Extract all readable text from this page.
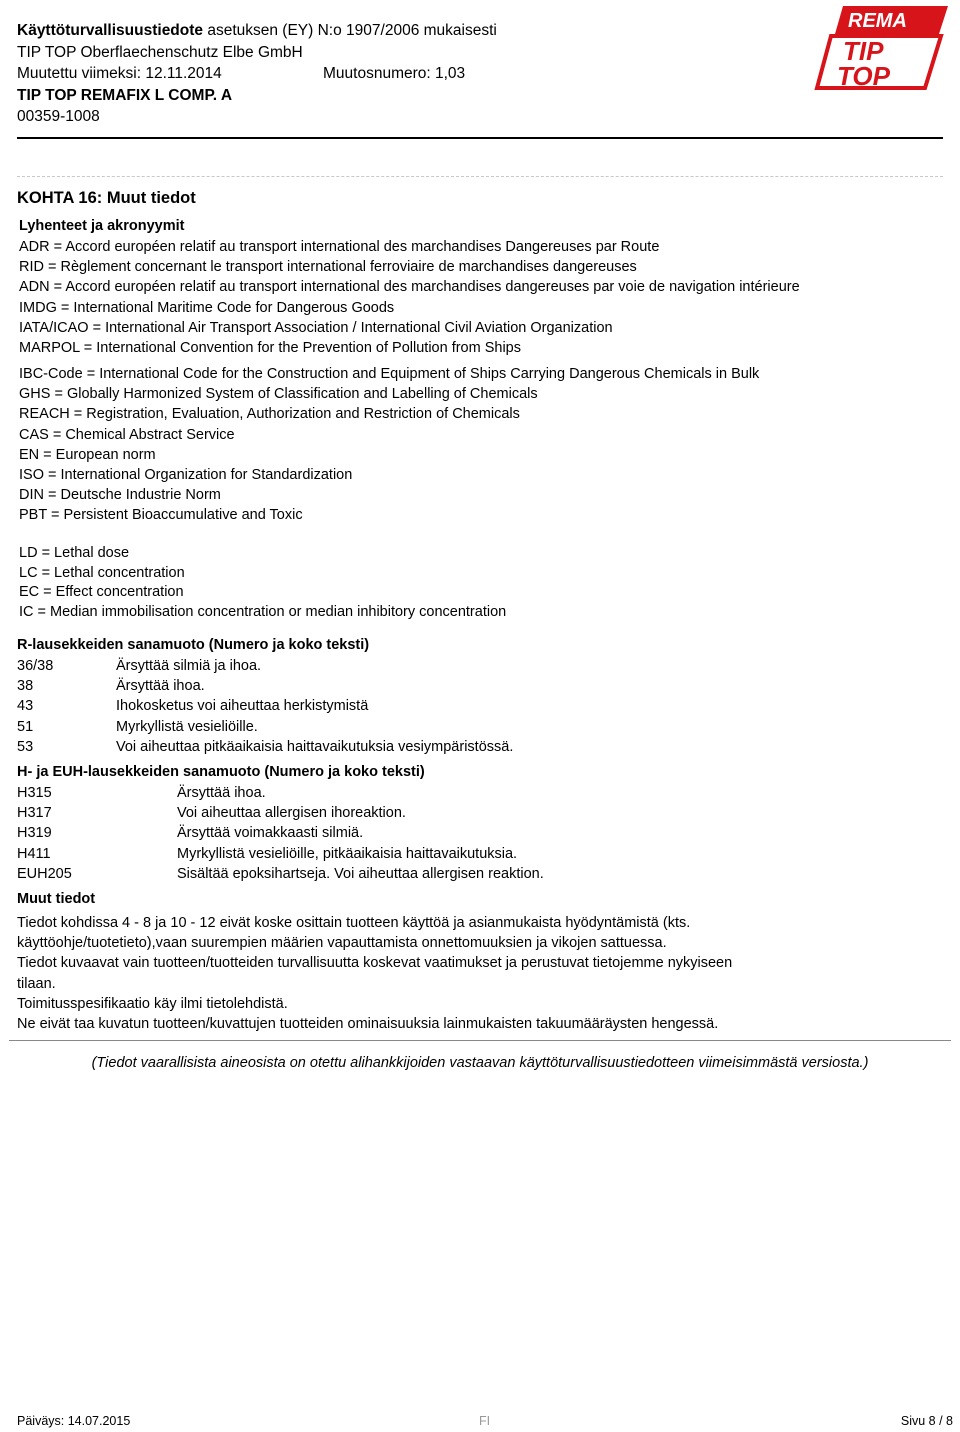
Käyttöturvallisuustiedote asetuksen (EY) N:o 1907/2006 mukaisesti
TIP TOP Oberflaechenschutz Elbe GmbH
Muutettu viimeksi: 12.11.2014	Muutosnumero: 1,03
TIP TOP REMAFIX L COMP. A
00359-1008
REMA
TIP
TOP
KOHTA 16: Muut tiedot
Lyhenteet ja akronyymit
ADR = Accord européen relatif au transport international des marchandises Dangereuses par Route
RID = Règlement concernant le transport international ferroviaire de marchandises dangereuses
ADN = Accord européen relatif au transport international des marchandises dangereuses par voie de navigation intérieure
IMDG = International Maritime Code for Dangerous Goods
IATA/ICAO = International Air Transport Association / International Civil Aviation Organization
MARPOL = International Convention for the Prevention of Pollution from Ships
IBC-Code = International Code for the Construction and Equipment of Ships Carrying Dangerous Chemicals in Bulk
GHS = Globally Harmonized System of Classification and Labelling of Chemicals
REACH = Registration, Evaluation, Authorization and Restriction of Chemicals
CAS = Chemical Abstract Service
EN = European norm
ISO = International Organization for Standardization
DIN = Deutsche Industrie Norm
PBT = Persistent Bioaccumulative and Toxic
LD = Lethal dose
LC = Lethal concentration
EC = Effect concentration
IC = Median immobilisation concentration or median inhibitory concentration
R-lausekkeiden sanamuoto (Numero ja koko teksti)
36/38	Ärsyttää silmiä ja ihoa.
38	Ärsyttää ihoa.
43	Ihokosketus voi aiheuttaa herkistymistä
51	Myrkyllistä vesieliöille.
53	Voi aiheuttaa pitkäaikaisia haittavaikutuksia vesiympäristössä.
H- ja EUH-lausekkeiden sanamuoto (Numero ja koko teksti)
H315	Ärsyttää ihoa.
H317	Voi aiheuttaa allergisen ihoreaktion.
H319	Ärsyttää voimakkaasti silmiä.
H411	Myrkyllistä vesieliöille, pitkäaikaisia haittavaikutuksia.
EUH205	Sisältää epoksihartseja. Voi aiheuttaa allergisen reaktion.
Muut tiedot
Tiedot kohdissa 4 - 8 ja 10 - 12 eivät koske osittain tuotteen käyttöä ja asianmukaista hyödyntämistä (kts.
käyttöohje/tuotetieto),vaan suurempien määrien vapauttamista onnettomuuksien ja vikojen sattuessa.
Tiedot kuvaavat vain tuotteen/tuotteiden turvallisuutta koskevat vaatimukset ja perustuvat tietojemme nykyiseen
tilaan.
Toimitusspesifikaatio käy ilmi tietolehdistä.
Ne eivät taa kuvatun tuotteen/kuvattujen tuotteiden ominaisuuksia lainmukaisten takuumääräysten hengessä.
(Tiedot vaarallisista aineosista on otettu alihankkijoiden vastaavan käyttöturvallisuustiedotteen viimeisimmästä versiosta.)
Päiväys: 14.07.2015	FI	Sivu 8 / 8
